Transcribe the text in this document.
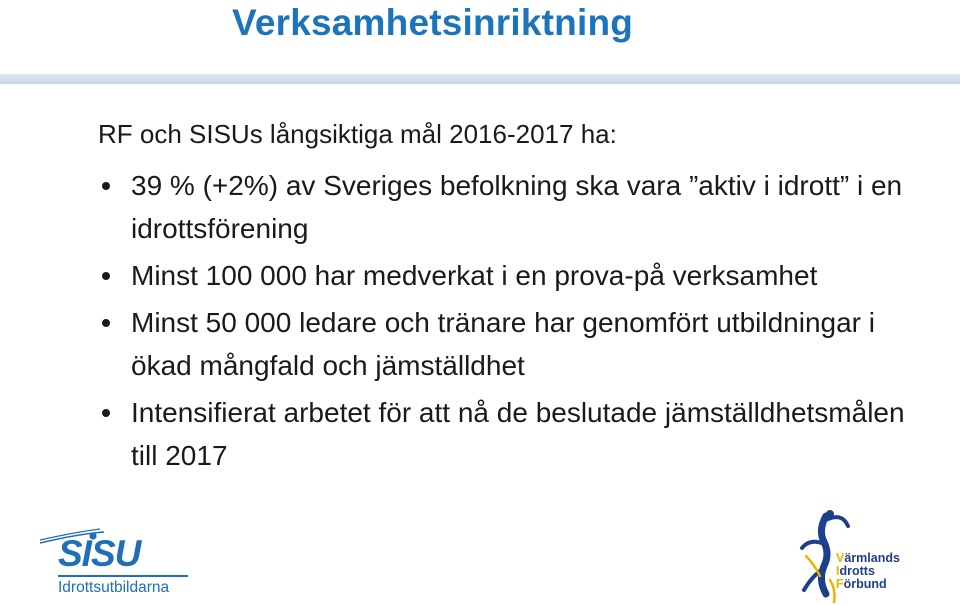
Verksamhetsinriktning

RF och SISUs långsiktiga mål 2016-2017 ha:

39 % (+2%) av Sveriges befolkning ska vara ”aktiv i idrott” i en idrottsförening
Minst 100 000 har medverkat i en prova-på verksamhet
Minst 50 000 ledare och tränare har genomfört utbildningar i ökad mångfald och jämställdhet
Intensifierat arbetet för att nå de beslutade jämställdhetsmålen till 2017
SISU
Idrottsutbildarna
Värmlands
Idrotts
Förbund
